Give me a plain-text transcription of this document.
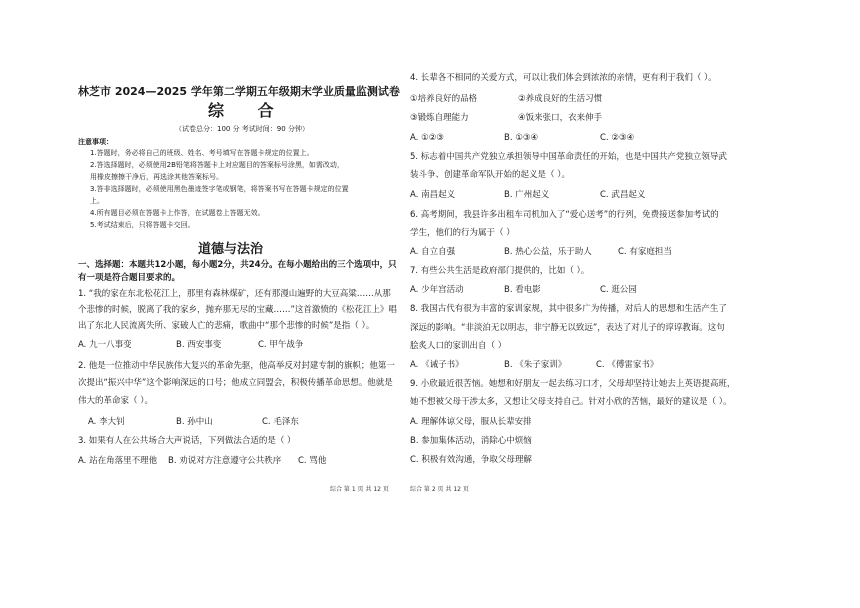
林芝市 2024—2025 学年第二学期五年级期末学业质量监测试卷
综 合
（试卷总分：100 分 考试时间：90 分钟）
注意事项：
1.答题时，务必将自己的班级、姓名、考号填写在答题卡规定的位置上。
2.答选择题时，必须使用2B铅笔将答题卡上对应题目的答案标号涂黑，如需改动，
用橡皮擦擦干净后，再选涂其他答案标号。
3.答非选择题时，必须使用黑色墨迹签字笔或钢笔，将答案书写在答题卡规定的位置
上。
4.所有题目必须在答题卡上作答，在试题卷上答题无效。
5.考试结束后，只将答题卡交回。
道德与法治
一、选择题：本题共12小题，每小题2分，共24分。在每小题给出的三个选项中，只
有一项是符合题目要求的。
1. “我的家在东北松花江上，那里有森林煤矿，还有那漫山遍野的大豆高粱……从那
个悲惨的时候，脱离了我的家乡，抛弃那无尽的宝藏……”这首激愤的《松花江上》唱
出了东北人民流离失所、家破人亡的悲痛，歌曲中“那个悲惨的时候”是指（ ）。
A. 九一八事变	B. 西安事变	C. 甲午战争
2. 他是一位推动中华民族伟大复兴的革命先驱，他高举反对封建专制的旗帜；他第一
次提出“振兴中华”这个影响深远的口号；他成立同盟会，积极传播革命思想。他就是
伟大的革命家（ ）。
A. 李大钊	B. 孙中山	C. 毛泽东
3. 如果有人在公共场合大声说话，下列做法合适的是（ ）
A. 站在角落里不理他 B. 劝说对方注意遵守公共秩序 C. 骂他
综合 第 1 页 共 12 页
4. 长辈各不相同的关爱方式，可以让我们体会到浓浓的亲情，更有利于我们（ ）。
①培养良好的品格	②养成良好的生活习惯
③锻炼自理能力	④饭来张口，衣来伸手
A. ①②③	B. ①③④	C. ②③④
5. 标志着中国共产党独立承担领导中国革命责任的开始，也是中国共产党独立领导武
装斗争、创建革命军队开始的起义是（ ）。
A. 南昌起义	B. 广州起义	C. 武昌起义
6. 高考期间，我县许多出租车司机加入了“爱心送考”的行列，免费接送参加考试的
学生，他们的行为属于（ ）
A. 自立自强	B. 热心公益，乐于助人	C. 有家庭担当
7. 有些公共生活是政府部门提供的，比如（ ）。
A. 少年宫活动	B. 看电影	C. 逛公园
8. 我国古代有很为丰富的家训家规，其中很多广为传播，对后人的思想和生活产生了
深远的影响。“非淡泊无以明志，非宁静无以致远”，表达了对儿子的谆谆教诲。这句
脍炙人口的家训出自（ ）
A. 《诫子书》	B. 《朱子家训》	C. 《傅雷家书》
9. 小欣最近很苦恼。她想和好朋友一起去练习口才，父母却坚持让她去上英语提高班，
她不想被父母干涉太多，又想让父母支持自己。针对小欣的苦恼，最好的建议是（ ）。
A. 理解体谅父母，服从长辈安排
B. 参加集体活动，消除心中烦恼
C. 积极有效沟通，争取父母理解
综合 第 2 页 共 12 页
